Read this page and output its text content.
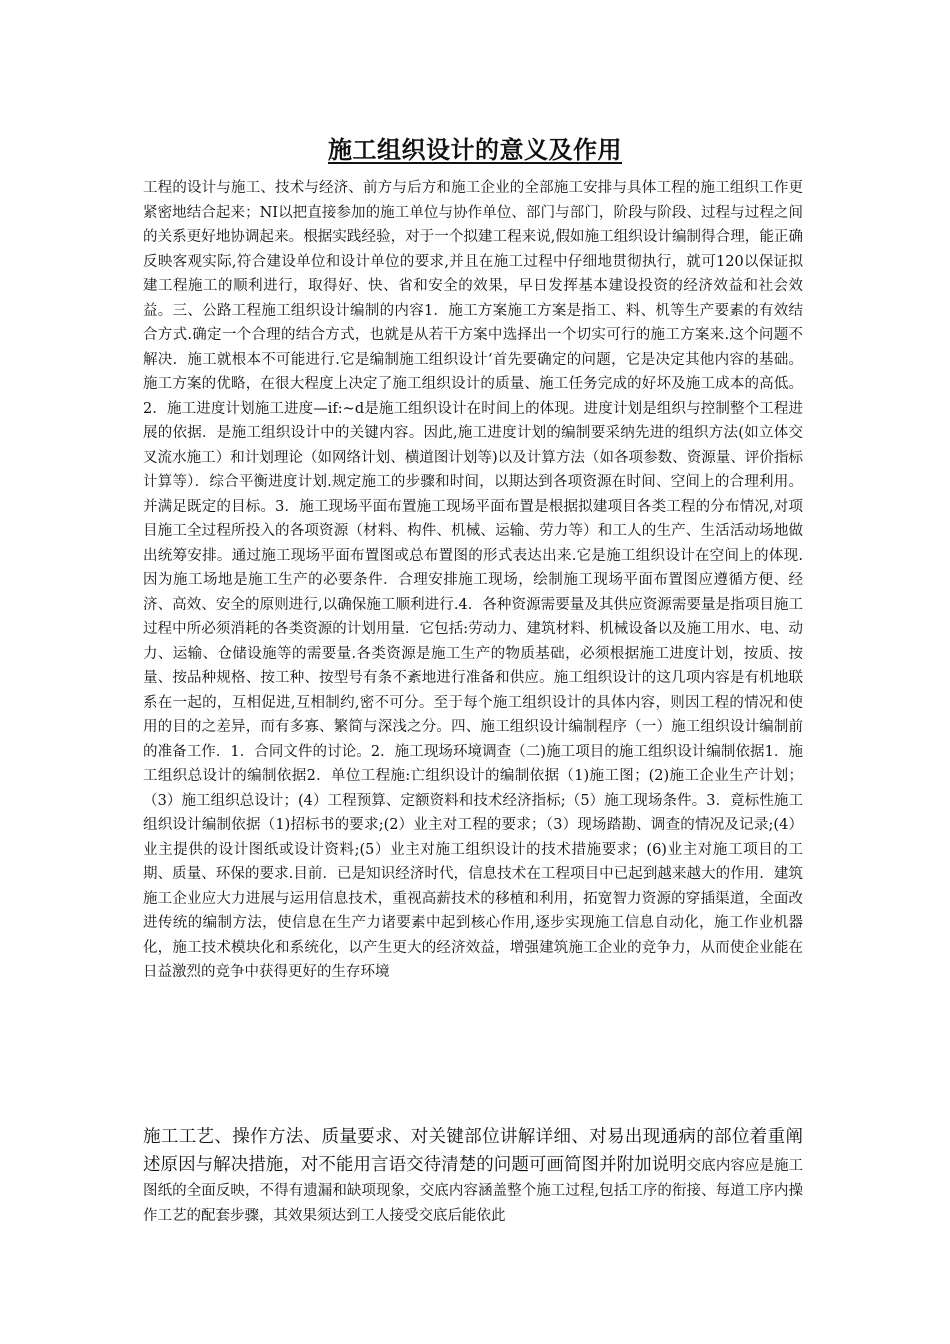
施工组织设计的意义及作用
工程的设计与施工、技术与经济、前方与后方和施工企业的全部施工安排与具体工程的施工组织工作更紧密地结合起来；NI以把直接参加的施工单位与协作单位、部门与部门，阶段与阶段、过程与过程之间的关系更好地协调起来。根据实践经验，对于一个拟建工程来说,假如施工组织设计编制得合理，能正确反映客观实际,符合建设单位和设计单位的要求,并且在施工过程中仔细地贯彻执行，就可120以保证拟建工程施工的顺利进行，取得好、快、省和安全的效果，早日发挥基本建设投资的经济效益和社会效益。三、公路工程施工组织设计编制的内容1．施工方案施工方案是指工、料、机等生产要素的有效结合方式.确定一个合理的结合方式，也就是从若干方案中选择出一个切实可行的施工方案来.这个问题不解决．施工就根本不可能进行.它是编制施工组织设计‘首先要确定的问题，它是决定其他内容的基础。施工方案的优略，在很大程度上决定了施工组织设计的质量、施工任务完成的好坏及施工成本的高低。2．施工进度计划施工进度—if:~d是施工组织设计在时间上的体现。进度计划是组织与控制整个工程进展的依据．是施工组织设计中的关键内容。因此,施工进度计划的编制要采纳先进的组织方法(如立体交叉流水施工）和计划理论（如网络计划、横道图计划等)以及计算方法（如各项参数、资源量、评价指标计算等）．综合平衡进度计划.规定施工的步骤和时间，以期达到各项资源在时间、空间上的合理利用。并满足既定的目标。3．施工现场平面布置施工现场平面布置是根据拟建项目各类工程的分布情况,对项目施工全过程所投入的各项资源（材料、构件、机械、运输、劳力等）和工人的生产、生活活动场地做出统筹安排。通过施工现场平面布置图或总布置图的形式表达出来.它是施工组织设计在空间上的体现.因为施工场地是施工生产的必要条件．合理安排施工现场，绘制施工现场平面布置图应遵循方便、经济、高效、安全的原则进行,以确保施工顺利进行.4．各种资源需要量及其供应资源需要量是指项目施工过程中所必须消耗的各类资源的计划用量．它包括:劳动力、建筑材料、机械设备以及施工用水、电、动力、运输、仓储设施等的需要量.各类资源是施工生产的物质基础，必须根据施工进度计划，按质、按量、按品种规格、按工种、按型号有条不紊地进行准备和供应。施工组织设计的这几项内容是有机地联系在一起的，互相促进,互相制约,密不可分。至于每个施工组织设计的具体内容，则因工程的情况和使用的目的之差异，而有多寡、繁简与深浅之分。四、施工组织设计编制程序（一）施工组织设计编制前的准备工作．1．合同文件的讨论。2．施工现场环境调查（二)施工项目的施工组织设计编制依据1．施工组织总设计的编制依据2．单位工程施:亡组织设计的编制依据（1)施工图；(2)施工企业生产计划；（3）施工组织总设计；(4）工程预算、定额资料和技术经济指标;（5）施工现场条件。3．竟标性施工组织设计编制依据（1)招标书的要求;(2）业主对工程的要求；（3）现场踏勘、调查的情况及记录;(4）业主提供的设计图纸或设计资料;(5）业主对施工组织设计的技术措施要求；(6)业主对施工项目的工期、质量、环保的要求.目前．已是知识经济时代，信息技术在工程项目中已起到越来越大的作用．建筑施工企业应大力进展与运用信息技术，重视高薪技术的移植和利用，拓宽智力资源的穿插渠道，全面改进传统的编制方法，使信息在生产力诸要素中起到核心作用,逐步实现施工信息自动化，施工作业机器化，施工技术模块化和系统化，以产生更大的经济效益，增强建筑施工企业的竞争力，从而使企业能在日益激烈的竞争中获得更好的生存环境
施工工艺、操作方法、质量要求、对关键部位讲解详细、对易出现通病的部位着重阐述原因与解决措施，对不能用言语交待清楚的问题可画简图并附加说明交底内容应是施工图纸的全面反映，不得有遗漏和缺项现象，交底内容涵盖整个施工过程,包括工序的衔接、每道工序内操作工艺的配套步骤，其效果须达到工人接受交底后能依此
